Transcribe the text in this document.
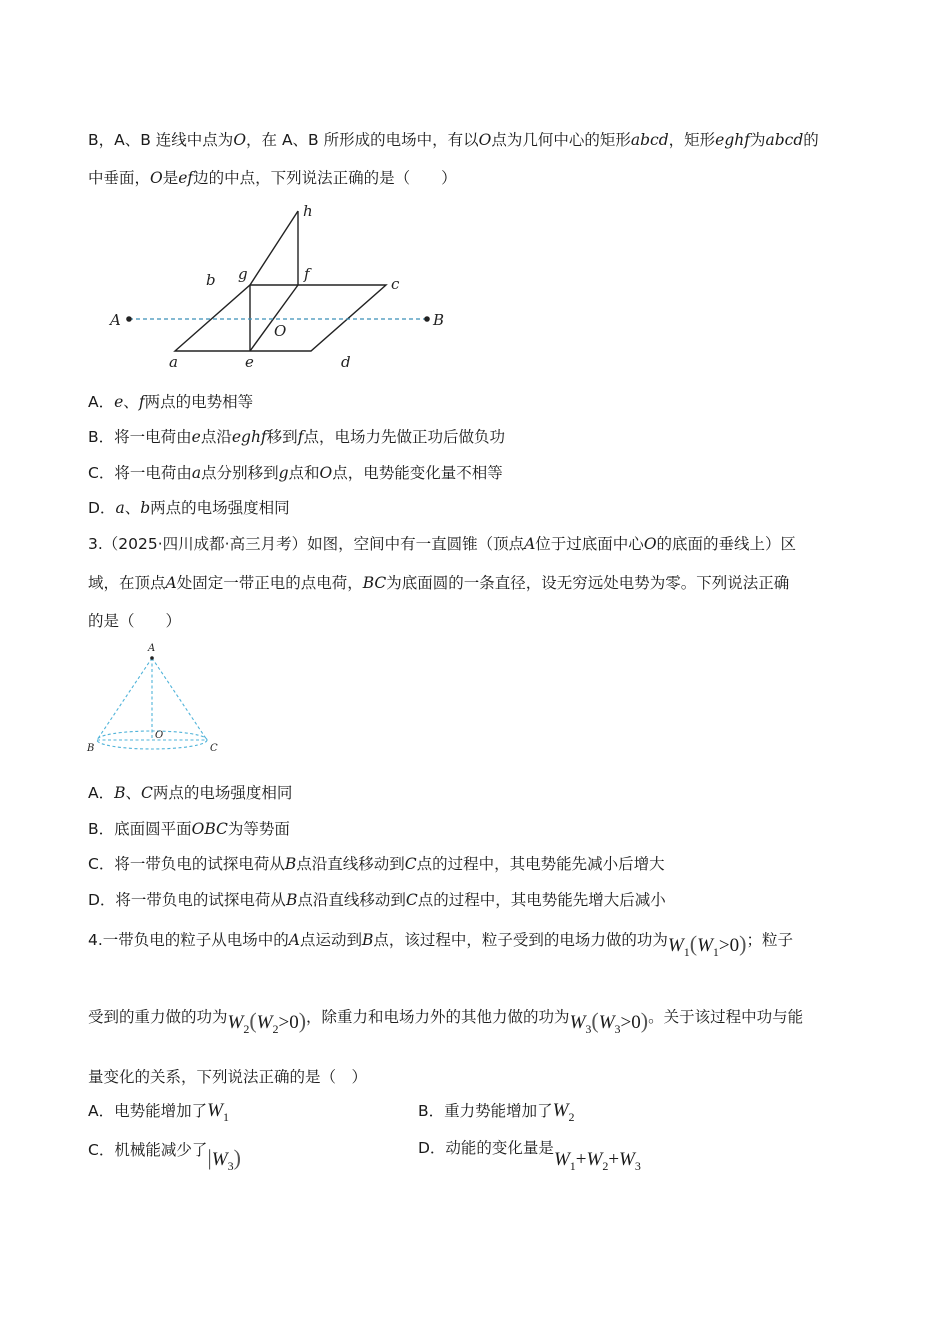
B，A、B 连线中点为O，在 A、B 所形成的电场中，有以O点为几何中心的矩形abcd，矩形eghf为abcd的
中垂面，O是ef边的中点，下列说法正确的是（　　）
h
g	f
b	c
A	B
O
a	e	d
A．e、f两点的电势相等
B．将一电荷由e点沿eghf移到f点，电场力先做正功后做负功
C．将一电荷由a点分别移到g点和O点，电势能变化量不相等
D．a、b两点的电场强度相同
3.（2025·四川成都·高三月考）如图，空间中有一直圆锥（顶点A位于过底面中心O的底面的垂线上）区
域，在顶点A处固定一带正电的点电荷，BC为底面圆的一条直径，设无穷远处电势为零。下列说法正确
的是（　　）
A
B
O
C
A．B、C两点的电场强度相同
B．底面圆平面OBC为等势面
C．将一带负电的试探电荷从B点沿直线移动到C点的过程中，其电势能先减小后增大
D．将一带负电的试探电荷从B点沿直线移动到C点的过程中，其电势能先增大后减小
4.一带负电的粒子从电场中的A点运动到B点，该过程中，粒子受到的电场力做的功为$W_1(W_1>0)$；粒子
受到的重力做的功为$W_2(W_2>0)$，除重力和电场力外的其他力做的功为$W_3(W_3>0)$。关于该过程中功与能
量变化的关系，下列说法正确的是（　）
A．电势能增加了$W_1$	B．重力势能增加了$W_2$
C．机械能减少了$|W_3$)	D．动能的变化量是$W_1+W_2+W_3$
